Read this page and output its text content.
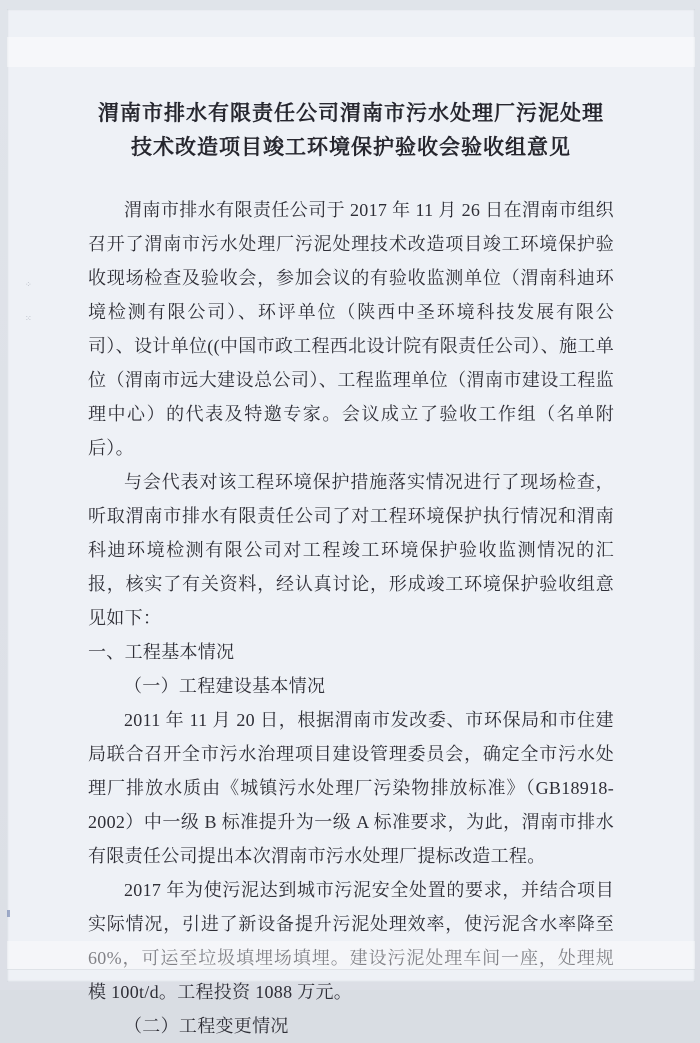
⁘
⁙
渭南市排水有限责任公司渭南市污水处理厂污泥处理技术改造项目竣工环境保护验收会验收组意见

渭南市排水有限责任公司于 2017 年 11 月 26 日在渭南市组织召开了渭南市污水处理厂污泥处理技术改造项目竣工环境保护验收现场检查及验收会，参加会议的有验收监测单位（渭南科迪环境检测有限公司）、环评单位（陕西中圣环境科技发展有限公司）、设计单位((中国市政工程西北设计院有限责任公司）、施工单位（渭南市远大建设总公司）、工程监理单位（渭南市建设工程监理中心）的代表及特邀专家。会议成立了验收工作组（名单附后）。

与会代表对该工程环境保护措施落实情况进行了现场检查，听取渭南市排水有限责任公司了对工程环境保护执行情况和渭南科迪环境检测有限公司对工程竣工环境保护验收监测情况的汇报，核实了有关资料，经认真讨论，形成竣工环境保护验收组意见如下：

一、工程基本情况

（一）工程建设基本情况

2011 年 11 月 20 日，根据渭南市发改委、市环保局和市住建局联合召开全市污水治理项目建设管理委员会，确定全市污水处理厂排放水质由《城镇污水处理厂污染物排放标准》（GB18918-2002）中一级 B 标准提升为一级 A 标准要求，为此，渭南市排水有限责任公司提出本次渭南市污水处理厂提标改造工程。

2017 年为使污泥达到城市污泥安全处置的要求，并结合项目实际情况，引进了新设备提升污泥处理效率，使污泥含水率降至 60%，可运至垃圾填埋场填埋。建设污泥处理车间一座，处理规模 100t/d。工程投资 1088 万元。

（二）工程变更情况
